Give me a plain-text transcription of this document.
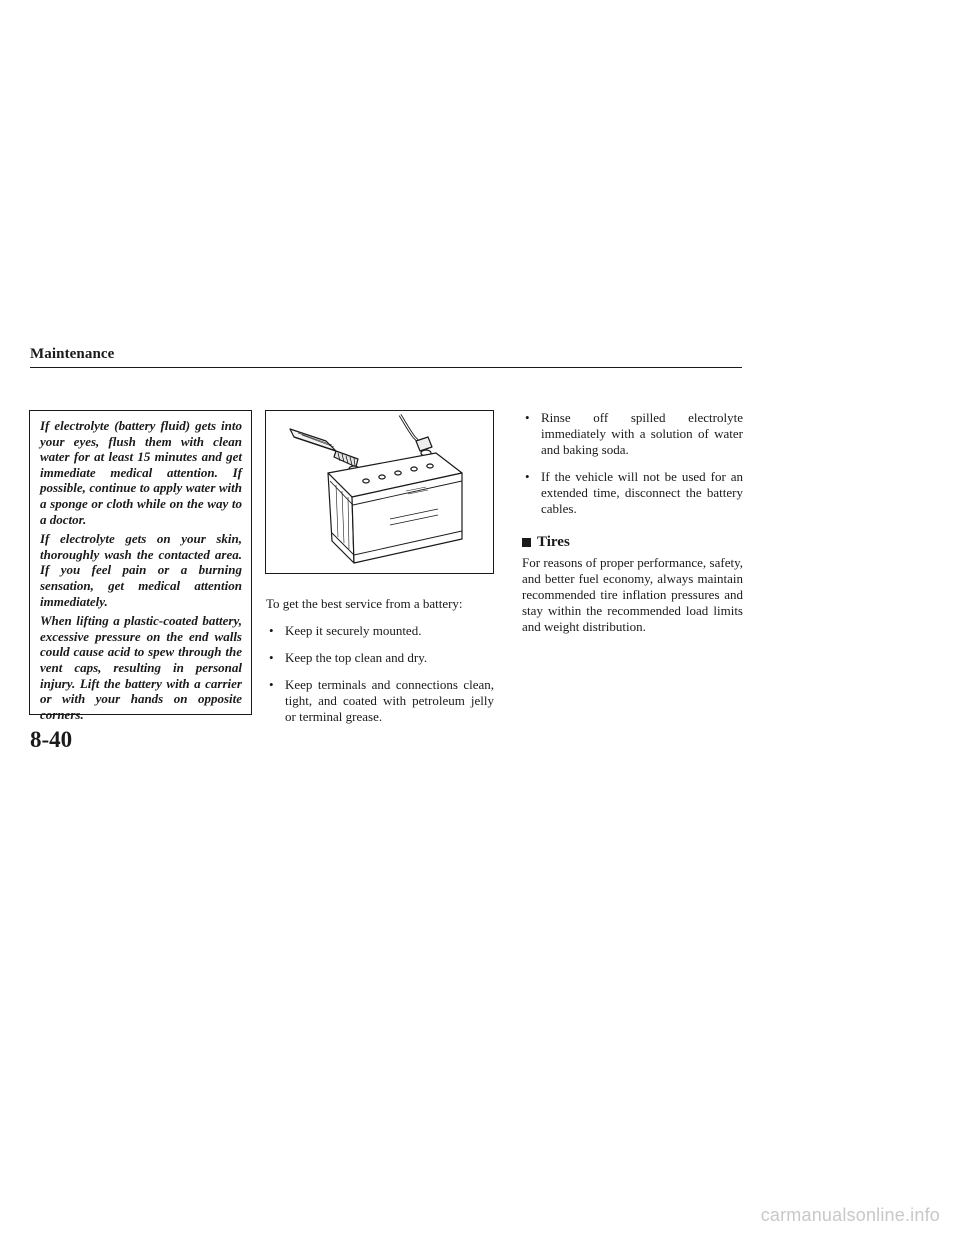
Maintenance

If electrolyte (battery fluid) gets into your eyes, flush them with clean water for at least 15 minutes and get immediate medical attention. If possible, continue to apply water with a sponge or cloth while on the way to a doctor.

If electrolyte gets on your skin, thoroughly wash the contacted area. If you feel pain or a burning sensation, get medical attention immediately.

When lifting a plastic-coated battery, excessive pressure on the end walls could cause acid to spew through the vent caps, resulting in personal injury. Lift the battery with a carrier or with your hands on opposite corners.

To get the best service from a battery:

• Keep it securely mounted.
• Keep the top clean and dry.
• Keep terminals and connections clean, tight, and coated with petroleum jelly or terminal grease.
• Rinse off spilled electrolyte immediately with a solution of water and baking soda.
• If the vehicle will not be used for an extended time, disconnect the battery cables.
Tires

For reasons of proper performance, safety, and better fuel economy, always maintain recommended tire inflation pressures and stay within the recommended load limits and weight distribution.

8-40
carmanualsonline.info
